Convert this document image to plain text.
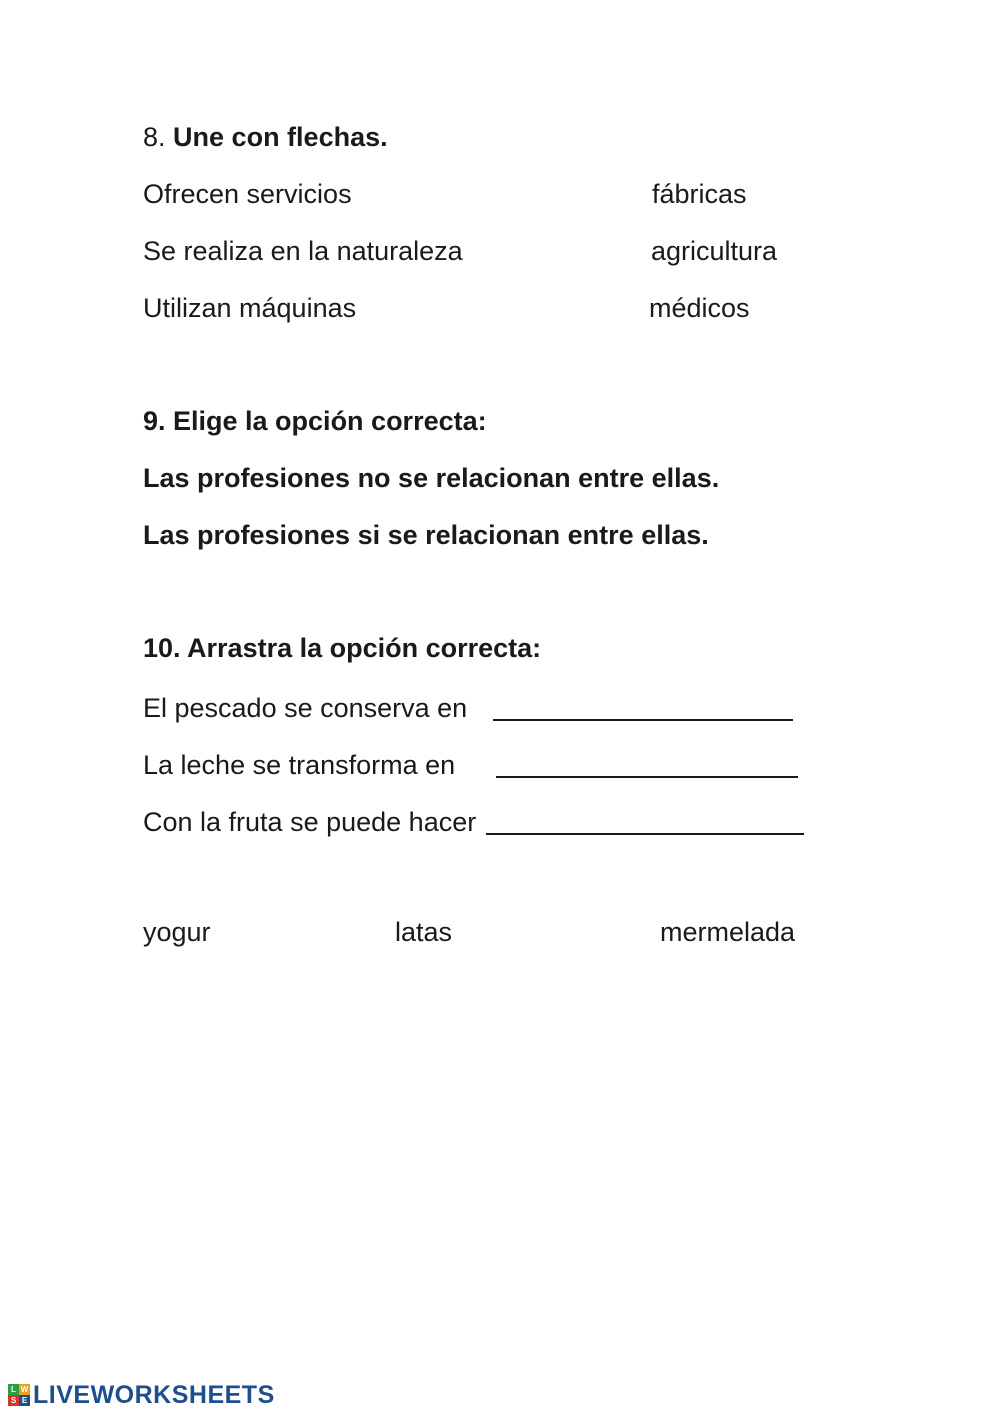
8. Une con flechas.
Ofrecen servicios
Se realiza en la naturaleza
Utilizan máquinas
fábricas
agricultura
médicos
9. Elige la opción correcta:
Las profesiones no se relacionan entre ellas.
Las profesiones si se relacionan entre ellas.
10. Arrastra la opción correcta:
El pescado se conserva en
La leche se transforma en
Con la fruta se puede hacer
yogur	latas	mermelada
L W
S E LIVEWORKSHEETS
